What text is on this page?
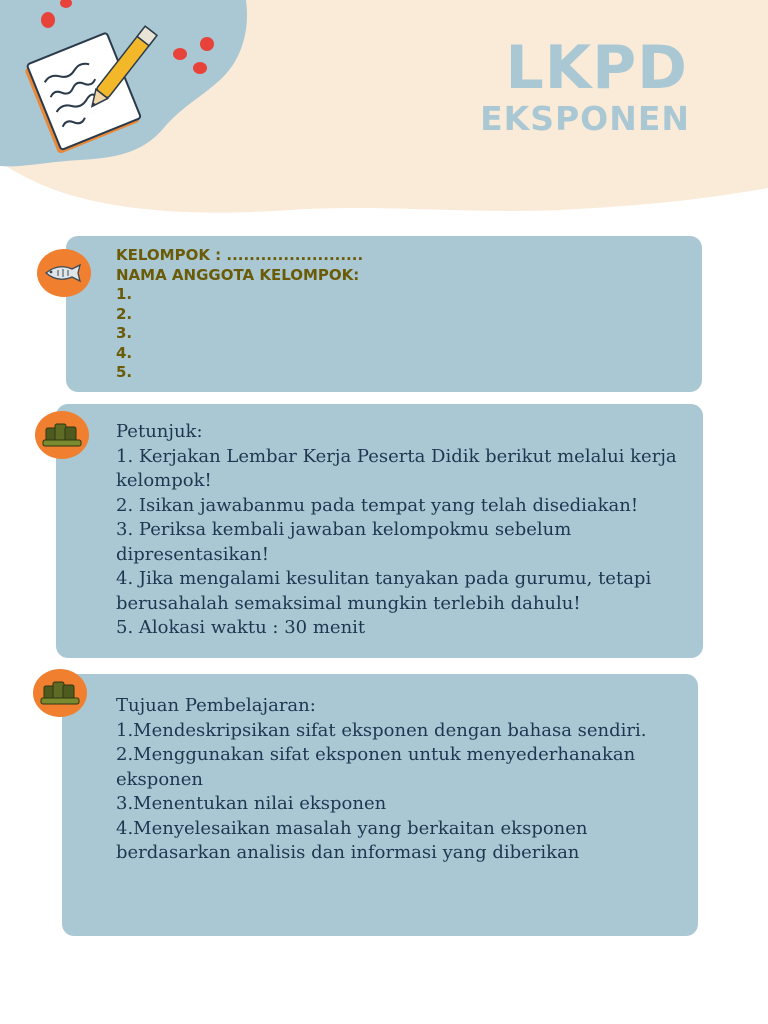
LKPD
EKSPONEN
KELOMPOK : ........................
NAMA ANGGOTA KELOMPOK:
1.
2.
3.
4.
5.
Petunjuk:
1. Kerjakan Lembar Kerja Peserta Didik berikut melalui kerja
kelompok!
2. Isikan jawabanmu pada tempat yang telah disediakan!
3. Periksa kembali jawaban kelompokmu sebelum
dipresentasikan!
4. Jika mengalami kesulitan tanyakan pada gurumu, tetapi
berusahalah semaksimal mungkin terlebih dahulu!
5. Alokasi waktu : 30 menit
Tujuan Pembelajaran:
1.Mendeskripsikan sifat eksponen dengan bahasa sendiri.
2.Menggunakan sifat eksponen untuk menyederhanakan
eksponen
3.Menentukan nilai eksponen
4.Menyelesaikan masalah yang berkaitan eksponen
berdasarkan analisis dan informasi yang diberikan
